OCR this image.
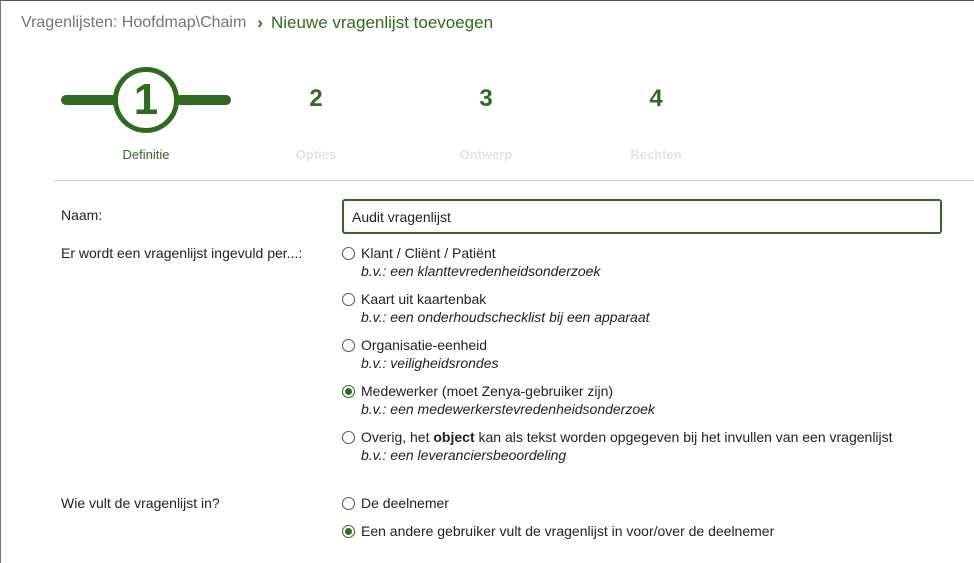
Vragenlijsten: Hoofdmap\Chaim › Nieuwe vragenlijst toevoegen
1
Definitie
2
Opties
3
Ontwerp
4
Rechten
Naam:
Audit vragenlijst
Er wordt een vragenlijst ingevuld per...:	Klant / Cliënt / Patiënt
b.v.: een klanttevredenheidsonderzoek
Kaart uit kaartenbak
b.v.: een onderhoudschecklist bij een apparaat
Organisatie-eenheid
b.v.: veiligheidsrondes
Medewerker (moet Zenya-gebruiker zijn)
b.v.: een medewerkerstevredenheidsonderzoek
Overig, het object kan als tekst worden opgegeven bij het invullen van een vragenlijst
b.v.: een leveranciersbeoordeling
Wie vult de vragenlijst in?	De deelnemer
Een andere gebruiker vult de vragenlijst in voor/over de deelnemer
